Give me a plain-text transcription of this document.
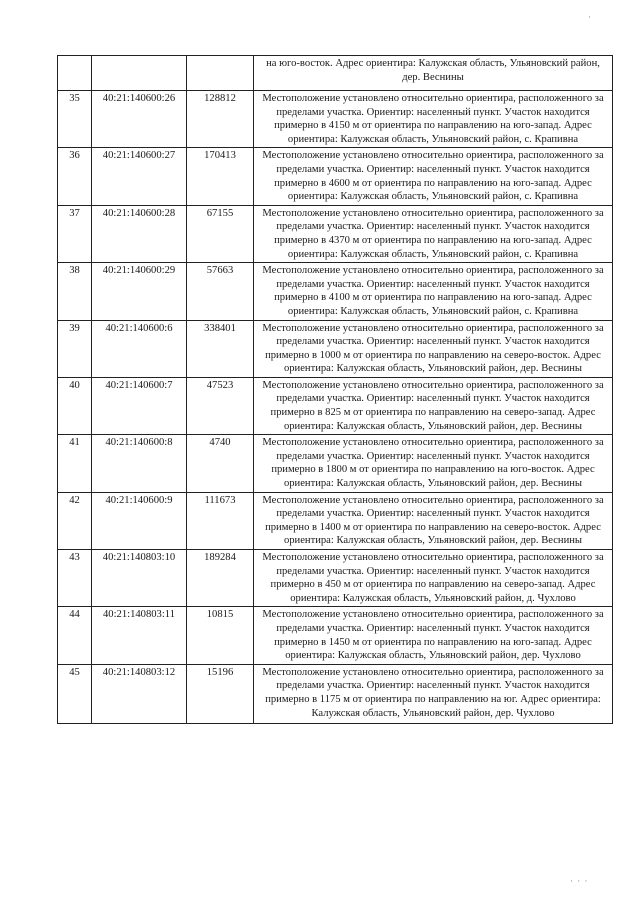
			на юго-восток. Адрес ориентира: Калужская область, Ульяновский район, дер. Веснины
35	40:21:140600:26	128812	Местоположение установлено относительно ориентира, расположенного за пределами участка. Ориентир: населенный пункт. Участок находится примерно в 4150 м от ориентира по направлению на юго-запад. Адрес ориентира: Калужская область, Ульяновский район, с. Крапивна
36	40:21:140600:27	170413	Местоположение установлено относительно ориентира, расположенного за пределами участка. Ориентир: населенный пункт. Участок находится примерно в 4600 м от ориентира по направлению на юго-запад. Адрес ориентира: Калужская область, Ульяновский район, с. Крапивна
37	40:21:140600:28	67155	Местоположение установлено относительно ориентира, расположенного за пределами участка. Ориентир: населенный пункт. Участок находится примерно в 4370 м от ориентира по направлению на юго-запад. Адрес ориентира: Калужская область, Ульяновский район, с. Крапивна
38	40:21:140600:29	57663	Местоположение установлено относительно ориентира, расположенного за пределами участка. Ориентир: населенный пункт. Участок находится примерно в 4100 м от ориентира по направлению на юго-запад. Адрес ориентира: Калужская область, Ульяновский район, с. Крапивна
39	40:21:140600:6	338401	Местоположение установлено относительно ориентира, расположенного за пределами участка. Ориентир: населенный пункт. Участок находится примерно в 1000 м от ориентира по направлению на северо-восток. Адрес ориентира: Калужская область, Ульяновский район, дер. Веснины
40	40:21:140600:7	47523	Местоположение установлено относительно ориентира, расположенного за пределами участка. Ориентир: населенный пункт. Участок находится примерно в 825 м от ориентира по направлению на северо-запад. Адрес ориентира: Калужская область, Ульяновский район, дер. Веснины
41	40:21:140600:8	4740	Местоположение установлено относительно ориентира, расположенного за пределами участка. Ориентир: населенный пункт. Участок находится примерно в 1800 м от ориентира по направлению на юго-восток. Адрес ориентира: Калужская область, Ульяновский район, дер. Веснины
42	40:21:140600:9	111673	Местоположение установлено относительно ориентира, расположенного за пределами участка. Ориентир: населенный пункт. Участок находится примерно в 1400 м от ориентира по направлению на северо-восток. Адрес ориентира: Калужская область, Ульяновский район, дер. Веснины
43	40:21:140803:10	189284	Местоположение установлено относительно ориентира, расположенного за пределами участка. Ориентир: населенный пункт. Участок находится примерно в 450 м от ориентира по направлению на северо-запад. Адрес ориентира: Калужская область, Ульяновский район, д. Чухлово
44	40:21:140803:11	10815	Местоположение установлено относительно ориентира, расположенного за пределами участка. Ориентир: населенный пункт. Участок находится примерно в 1450 м от ориентира по направлению на юго-запад. Адрес ориентира: Калужская область, Ульяновский район, дер. Чухлово
45	40:21:140803:12	15196	Местоположение установлено относительно ориентира, расположенного за пределами участка. Ориентир: населенный пункт. Участок находится примерно в 1175 м от ориентира по направлению на юг. Адрес ориентира: Калужская область, Ульяновский район, дер. Чухлово
·
· · ·
